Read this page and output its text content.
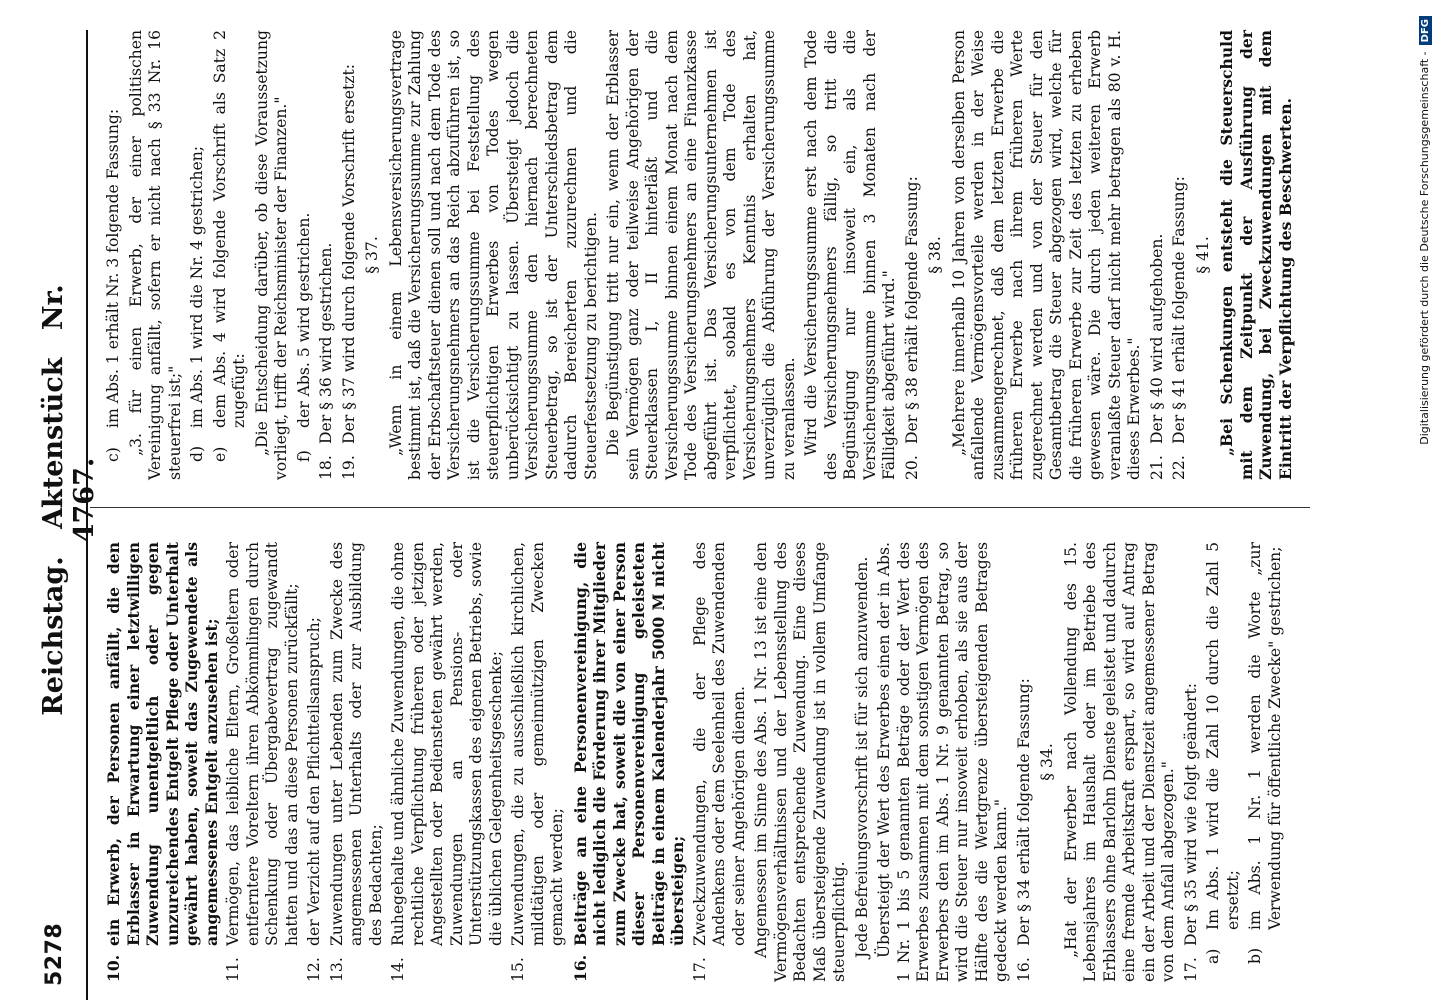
5278
Reichstag. Aktenstück Nr. 4767.
10.
ein Erwerb, der Personen anfällt, die den Erblasser in Erwartung einer letztwilligen Zuwendung unentgeltlich oder gegen unzureichendes Entgelt Pflege oder Unterhalt gewährt haben, soweit das Zugewendete als angemessenes Entgelt anzusehen ist;
11.
Vermögen, das leibliche Eltern, Großeltern oder entferntere Voreltern ihren Abkömmlingen durch Schenkung oder Übergabevertrag zugewandt hatten und das an diese Personen zurückfällt;
12.
der Verzicht auf den Pflichtteilsanspruch;
13.
Zuwendungen unter Lebenden zum Zwecke des angemessenen Unterhalts oder zur Ausbildung des Bedachten;
14.
Ruhegehalte und ähnliche Zuwendungen, die ohne rechtliche Verpflichtung früheren oder jetzigen Angestellten oder Bediensteten gewährt werden, Zuwendungen an Pensions- oder Unterstützungskassen des eigenen Betriebs, sowie die üblichen Gelegenheitsgeschenke;
15.
Zuwendungen, die zu ausschließlich kirchlichen, mildtätigen oder gemeinnützigen Zwecken gemacht werden;
16.
Beiträge an eine Personenvereinigung, die nicht lediglich die Förderung ihrer Mitglieder zum Zwecke hat, soweit die von einer Person dieser Personenvereinigung geleisteten Beiträge in einem Kalenderjahr 5000 M nicht übersteigen;
17.
Zweckzuwendungen, die der Pflege des Andenkens oder dem Seelenheil des Zuwendenden oder seiner Angehörigen dienen. Angemessen im Sinne des Abs. 1 Nr. 13 ist eine den Vermögensverhältnissen und der Lebensstellung des Bedachten entsprechende Zuwendung. Eine dieses Maß übersteigende Zuwendung ist in vollem Umfange steuerpflichtig. Jede Befreiungsvorschrift ist für sich anzuwenden. Übersteigt der Wert des Erwerbes einen der in Abs. 1 Nr. 1 bis 5 genannten Beträge oder der Wert des Erwerbes zusammen mit dem sonstigen Vermögen des Erwerbers den im Abs. 1 Nr. 9 genannten Betrag, so wird die Steuer nur insoweit erhoben, als sie aus der Hälfte des die Wertgrenze übersteigenden Betrages gedeckt werden kann." 16.
Der § 34 erhält folgende Fassung: § 34. „Hat der Erwerber nach Vollendung des 15. Lebensjahres im Haushalt oder im Betriebe des Erblassers ohne Barlohn Dienste geleistet und dadurch eine fremde Arbeitskraft erspart, so wird auf Antrag ein der Arbeit und der Dienstzeit angemessener Betrag von dem Anfall abgezogen." 17.
Der § 35 wird wie folgt geändert:
a)
Im Abs. 1 wird die Zahl 10 durch die Zahl 5 ersetzt;
b)
im Abs. 1 Nr. 1 werden die Worte „zur Verwendung für öffentliche Zwecke" gestrichen;
c)
im Abs. 1 erhält Nr. 3 folgende Fassung: „3. für einen Erwerb, der einer politischen Vereinigung anfällt, sofern er nicht nach § 33 Nr. 16 steuerfrei ist;" d)
im Abs. 1 wird die Nr. 4 gestrichen;
e)
dem Abs. 4 wird folgende Vorschrift als Satz 2 zugefügt: „Die Entscheidung darüber, ob diese Voraussetzung vorliegt, trifft der Reichsminister der Finanzen." f)
der Abs. 5 wird gestrichen.
18.
Der § 36 wird gestrichen.
19.
Der § 37 wird durch folgende Vorschrift ersetzt: § 37. „Wenn in einem Lebensversicherungsvertrage bestimmt ist, daß die Versicherungssumme zur Zahlung der Erbschaftsteuer dienen soll und nach dem Tode des Versicherungsnehmers an das Reich abzuführen ist, so ist die Versicherungssumme bei Feststellung des steuerpflichtigen Erwerbes von Todes wegen unberücksichtigt zu lassen. Übersteigt jedoch die Versicherungssumme den hiernach berechneten Steuerbetrag, so ist der Unterschiedsbetrag dem dadurch Bereicherten zuzurechnen und die Steuerfestsetzung zu berichtigen. Die Begünstigung tritt nur ein, wenn der Erblasser sein Vermögen ganz oder teilweise Angehörigen der Steuerklassen I, II hinterläßt und die Versicherungssumme binnen einem Monat nach dem Tode des Versicherungsnehmers an eine Finanzkasse abgeführt ist. Das Versicherungsunternehmen ist verpflichtet, sobald es von dem Tode des Versicherungsnehmers Kenntnis erhalten hat, unverzüglich die Abführung der Versicherungssumme zu veranlassen. Wird die Versicherungssumme erst nach dem Tode des Versicherungsnehmers fällig, so tritt die Begünstigung nur insoweit ein, als die Versicherungssumme binnen 3 Monaten nach der Fälligkeit abgeführt wird." 20.
Der § 38 erhält folgende Fassung: § 38. „Mehrere innerhalb 10 Jahren von derselben Person anfallende Vermögensvorteile werden in der Weise zusammengerechnet, daß dem letzten Erwerbe die früheren Erwerbe nach ihrem früheren Werte zugerechnet werden und von der Steuer für den Gesamtbetrag die Steuer abgezogen wird, welche für die früheren Erwerbe zur Zeit des letzten zu erheben gewesen wäre. Die durch jeden weiteren Erwerb veranlaßte Steuer darf nicht mehr betragen als 80 v. H. dieses Erwerbes." 21.
Der § 40 wird aufgehoben.
22.
Der § 41 erhält folgende Fassung: § 41. „Bei Schenkungen entsteht die Steuerschuld mit dem Zeitpunkt der Ausführung der Zuwendung, bei Zweckzuwendungen mit dem Eintritt der Verpflichtung des Beschwerten.	Digitalisierung gefördert durch die Deutsche Forschungsgemeinschaft -
DFG
